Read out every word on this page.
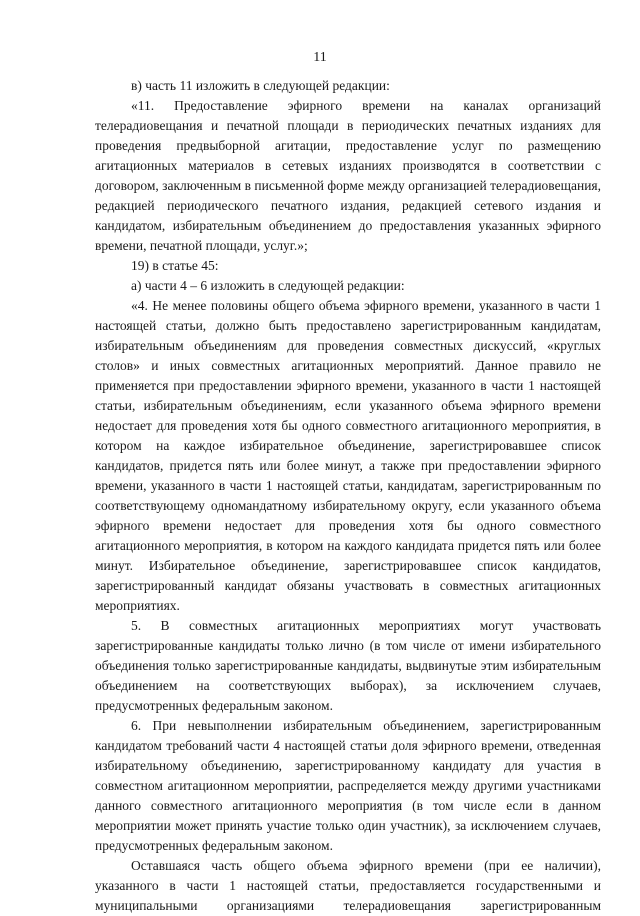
11

в) часть 11 изложить в следующей редакции:

«11. Предоставление эфирного времени на каналах организаций телерадиовещания и печатной площади в периодических печатных изданиях для проведения предвыборной агитации, предоставление услуг по размещению агитационных материалов в сетевых изданиях производятся в соответствии с договором, заключенным в письменной форме между организацией телерадиовещания, редакцией периодического печатного издания, редакцией сетевого издания и кандидатом, избирательным объединением до предоставления указанных эфирного времени, печатной площади, услуг.»;

19) в статье 45:

а) части 4 – 6 изложить в следующей редакции:

«4. Не менее половины общего объема эфирного времени, указанного в части 1 настоящей статьи, должно быть предоставлено зарегистрированным кандидатам, избирательным объединениям для проведения совместных дискуссий, «круглых столов» и иных совместных агитационных мероприятий. Данное правило не применяется при предоставлении эфирного времени, указанного в части 1 настоящей статьи, избирательным объединениям, если указанного объема эфирного времени недостает для проведения хотя бы одного совместного агитационного мероприятия, в котором на каждое избирательное объединение, зарегистрировавшее список кандидатов, придется пять или более минут, а также при предоставлении эфирного времени, указанного в части 1 настоящей статьи, кандидатам, зарегистрированным по соответствующему одномандатному избирательному округу, если указанного объема эфирного времени недостает для проведения хотя бы одного совместного агитационного мероприятия, в котором на каждого кандидата придется пять или более минут. Избирательное объединение, зарегистрировавшее список кандидатов, зарегистрированный кандидат обязаны участвовать в совместных агитационных мероприятиях.

5. В совместных агитационных мероприятиях могут участвовать зарегистрированные кандидаты только лично (в том числе от имени избирательного объединения только зарегистрированные кандидаты, выдвинутые этим избирательным объединением на соответствующих выборах), за исключением случаев, предусмотренных федеральным законом.

6. При невыполнении избирательным объединением, зарегистрированным кандидатом требований части 4 настоящей статьи доля эфирного времени, отведенная избирательному объединению, зарегистрированному кандидату для участия в совместном агитационном мероприятии, распределяется между другими участниками данного совместного агитационного мероприятия (в том числе если в данном мероприятии может принять участие только один участник), за исключением случаев, предусмотренных федеральным законом.

Оставшаяся часть общего объема эфирного времени (при ее наличии), указанного в части 1 настоящей статьи, предоставляется государственными и муниципальными организациями телерадиовещания зарегистрированным
